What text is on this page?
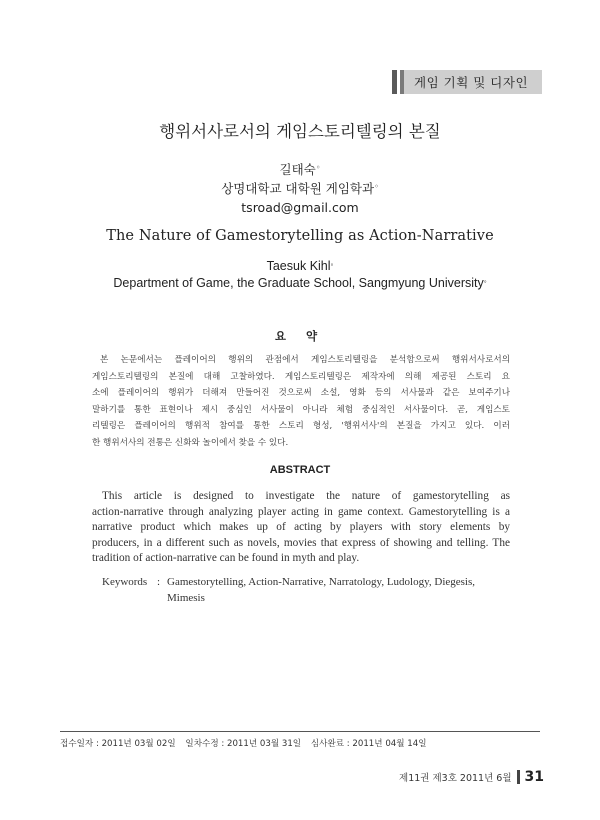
게임 기획 및 디자인
행위서사로서의 게임스토리텔링의 본질
길태숙◦
상명대학교 대학원 게임학과◦
tsroad@gmail.com
The Nature of Gamestorytelling as Action-Narrative
Taesuk Kihl◦
Department of Game, the Graduate School, Sangmyung University◦
요 약
본 논문에서는 플레이어의 행위의 관점에서 게임스토리텔링을 분석함으로써 행위서사로서의
게임스토리텔링의 본질에 대해 고찰하였다. 게임스토리텔링은 제작자에 의해 제공된 스토리 요
소에 플레이어의 행위가 더해져 만들어진 것으로써 소설, 영화 등의 서사물과 같은 보여주기나
말하기를 통한 표현이나 제시 중심인 서사물이 아니라 체험 중심적인 서사물이다. 곧, 게임스토
리텔링은 플레이어의 행위적 참여를 통한 스토리 형성, '행위서사'의 본질을 가지고 있다. 이러
한 행위서사의 전통은 신화와 놀이에서 찾을 수 있다.
ABSTRACT
This article is designed to investigate the nature of gamestorytelling as
action-narrative through analyzing player acting in game context. Gamestorytelling is a
narrative product which makes up of acting by players with story elements by
producers, in a different such as novels, movies that express of showing and telling. The
tradition of action-narrative can be found in myth and play.
Keywords : Gamestorytelling, Action-Narrative, Narratology, Ludology, Diegesis,
Mimesis
접수일자 : 2011년 03월 02일 일차수정 : 2011년 03월 31일 심사완료 : 2011년 04월 14일
제11권 제3호 2011년 6월 31
